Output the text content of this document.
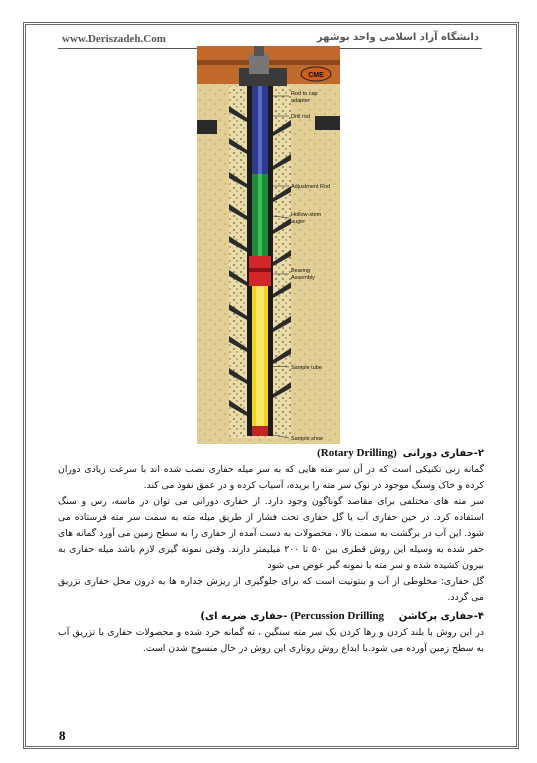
www.Deriszadeh.Com	دانشگاه آزاد اسلامی واحد بوشهر
CME
Rod to cap
adapter
Drill rod
Adjustment Rod
Hollow-stem
auger
Bearing
Assembly
Sample tube
Sample shoe
۲-حفاری دورانی  (Rotary Drilling)
گمانه زنی تکنیکی است که در آن سر مته هایی که به سر میله حفاری نصب شده اند با سرعت زیادی دوران کرده و خاک وسنگ موجود در نوک سر مته را بریده، آسیاب کرده و در عمق نفوذ می کند.
سر مته های مختلفی برای مقاصد گوناگون وجود دارد. از حفاری دورانی می توان در ماسه، رس و سنگ استفاده کرد. در حین حفاری آب یا گل حفاری تحت فشار از طریق میله مته به سمت سر مته فرستاده می شود. این آب در برگشت به سمت بالا ، محصولات به دست آمده از حفاری را به سطح زمین می آورد گمانه های حفر شده به وسیله این روش قطری بین ۵۰ تا ۲۰۰ میلیمتر دارند. وقتی نمونه گیری لازم باشد میله حفاری به بیرون کشیده شده و سر مته با نمونه گیر عوض می شود
گل حفاری: مخلوطی از آب و بنتونیت است که برای جلوگیری از ریزش جداره ها به درون محل حفاری تزریق می گردد.
۴-حفاری پرکاشن     (Percussion Drilling -حفاری ضربه ای)
در این روش با بلند کردن و رها کردن یک سر مته سنگین ، ته گمانه خرد شده و محصولات حفاری با تزریق آب به سطح زمین آورده می شود.با ابداع روش روتاری این روش در حال منسوخ شدن است.
8
